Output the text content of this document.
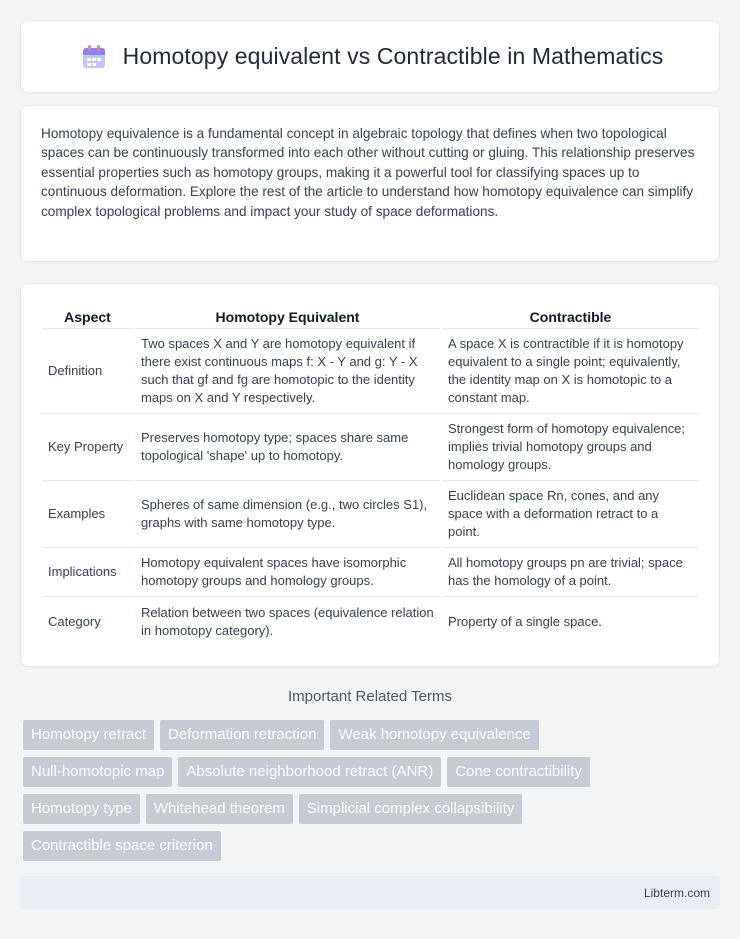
Homotopy equivalent vs Contractible in Mathematics

Homotopy equivalence is a fundamental concept in algebraic topology that defines when two topological spaces can be continuously transformed into each other without cutting or gluing. This relationship preserves essential properties such as homotopy groups, making it a powerful tool for classifying spaces up to continuous deformation. Explore the rest of the article to understand how homotopy equivalence can simplify complex topological problems and impact your study of space deformations.

Aspect	Homotopy Equivalent	Contractible
Definition	Two spaces X and Y are homotopy equivalent if there exist continuous maps f: X - Y and g: Y - X such that gf and fg are homotopic to the identity maps on X and Y respectively.	A space X is contractible if it is homotopy equivalent to a single point; equivalently, the identity map on X is homotopic to a constant map.
Key Property	Preserves homotopy type; spaces share same topological 'shape' up to homotopy.	Strongest form of homotopy equivalence; implies trivial homotopy groups and homology groups.
Examples	Spheres of same dimension (e.g., two circles S1), graphs with same homotopy type.	Euclidean space Rn, cones, and any space with a deformation retract to a point.
Implications	Homotopy equivalent spaces have isomorphic homotopy groups and homology groups.	All homotopy groups pn are trivial; space has the homology of a point.
Category	Relation between two spaces (equivalence relation in homotopy category).	Property of a single space.
Important Related Terms
Homotopy retract	Deformation retraction	Weak homotopy equivalence
Null-homotopic map	Absolute neighborhood retract (ANR)	Cone contractibility
Homotopy type	Whitehead theorem	Simplicial complex collapsibility
Contractible space criterion
Libterm.com
